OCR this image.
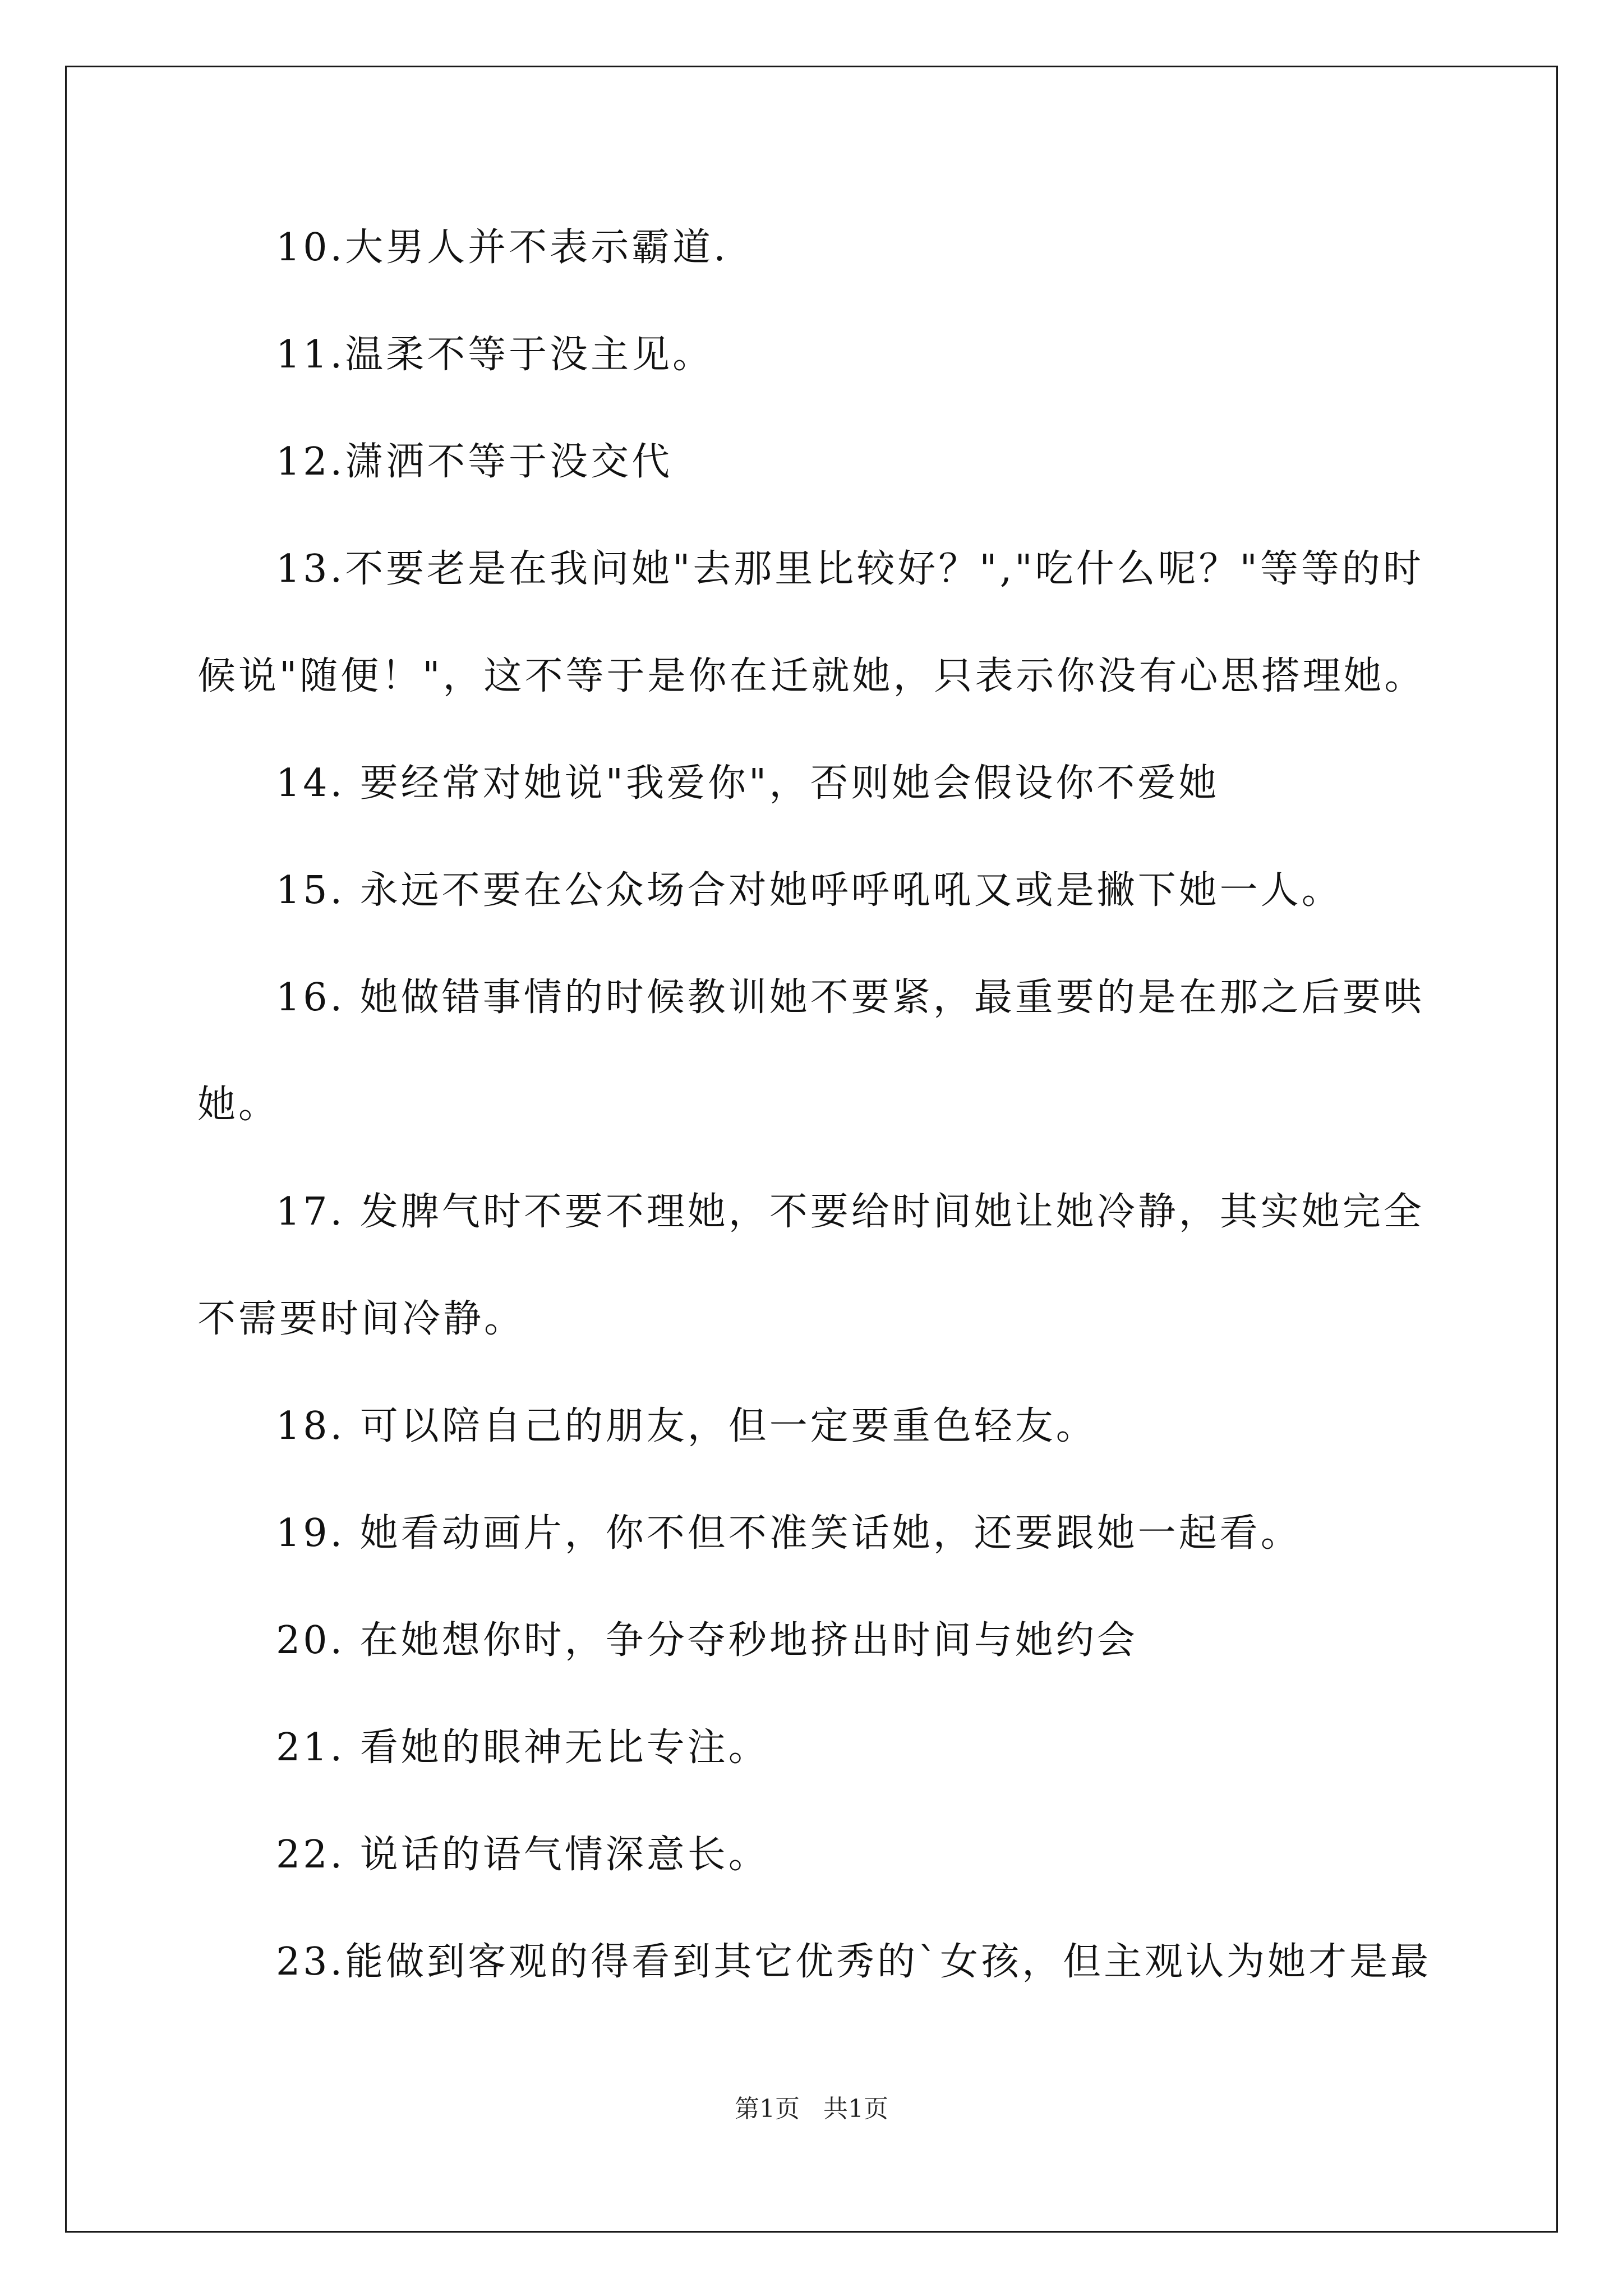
10.大男人并不表示霸道.

11.温柔不等于没主见。

12.潇洒不等于没交代

13.不要老是在我问她"去那里比较好？","吃什么呢？"等等的时

候说"随便！"，这不等于是你在迁就她，只表示你没有心思搭理她。

14. 要经常对她说"我爱你"，否则她会假设你不爱她

15. 永远不要在公众场合对她呼呼吼吼又或是撇下她一人。

16. 她做错事情的时候教训她不要紧，最重要的是在那之后要哄

她。

17. 发脾气时不要不理她，不要给时间她让她冷静，其实她完全

不需要时间冷静。

18. 可以陪自己的朋友，但一定要重色轻友。

19. 她看动画片，你不但不准笑话她，还要跟她一起看。

20. 在她想你时，争分夺秒地挤出时间与她约会

21. 看她的眼神无比专注。

22. 说话的语气情深意长。

23.能做到客观的得看到其它优秀的`女孩，但主观认为她才是最

第1页   共1页
